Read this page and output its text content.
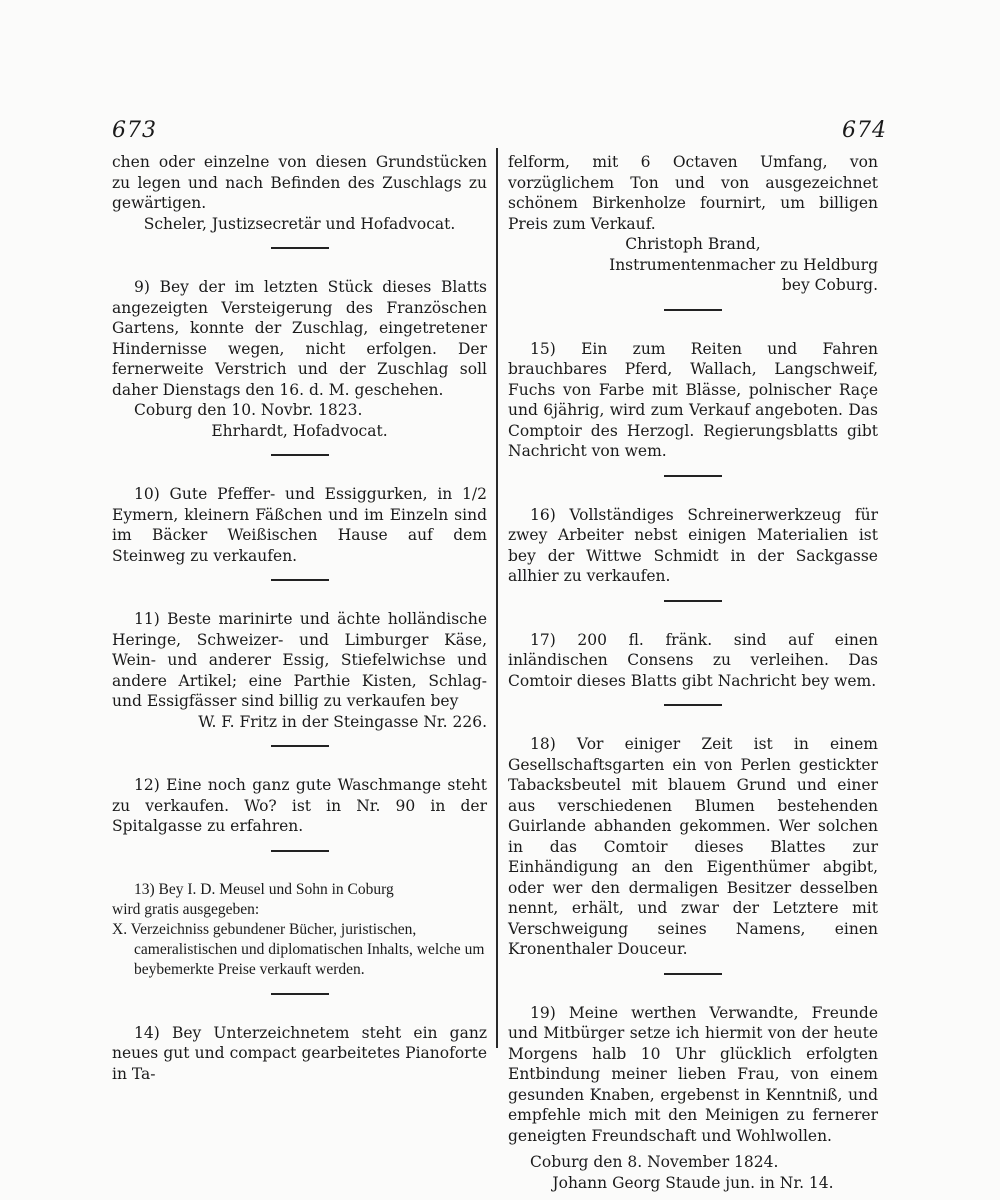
673	674

chen oder einzelne von diesen Grundstücken zu legen und nach Befinden des Zuschlags zu gewärtigen.

Scheler, Justizsecretär und Hofadvocat.

9) Bey der im letzten Stück dieses Blatts angezeigten Versteigerung des Französchen Gartens, konnte der Zuschlag, eingetretener Hindernisse wegen, nicht erfolgen. Der fernerweite Verstrich und der Zuschlag soll daher Dienstags den 16. d. M. geschehen.

Coburg den 10. Novbr. 1823.

Ehrhardt, Hofadvocat.

10) Gute Pfeffer- und Essiggurken, in 1/2 Eymern, kleinern Fäßchen und im Einzeln sind im Bäcker Weißischen Hause auf dem Steinweg zu verkaufen.

11) Beste marinirte und ächte holländische Heringe, Schweizer- und Limburger Käse, Wein- und anderer Essig, Stiefelwichse und andere Artikel; eine Parthie Kisten, Schlag- und Essigfässer sind billig zu verkaufen bey

W. F. Fritz in der Steingasse Nr. 226.

12) Eine noch ganz gute Waschmange steht zu verkaufen. Wo? ist in Nr. 90 in der Spitalgasse zu erfahren.

13) Bey I. D. Meusel und Sohn in Coburg

wird gratis ausgegeben:

X. Verzeichniss gebundener Bücher, juristischen, cameralistischen und diplomatischen Inhalts, welche um beybemerkte Preise verkauft werden.

14) Bey Unterzeichnetem steht ein ganz neues gut und compact gearbeitetes Pianoforte in Ta-

felform, mit 6 Octaven Umfang, von vorzüglichem Ton und von ausgezeichnet schönem Birkenholze fournirt, um billigen Preis zum Verkauf.

Christoph Brand,

Instrumentenmacher zu Heldburg

bey Coburg.

15) Ein zum Reiten und Fahren brauchbares Pferd, Wallach, Langschweif, Fuchs von Farbe mit Blässe, polnischer Raçe und 6jährig, wird zum Verkauf angeboten. Das Comptoir des Herzogl. Regierungsblatts gibt Nachricht von wem.

16) Vollständiges Schreinerwerkzeug für zwey Arbeiter nebst einigen Materialien ist bey der Wittwe Schmidt in der Sackgasse allhier zu verkaufen.

17) 200 fl. fränk. sind auf einen inländischen Consens zu verleihen. Das Comtoir dieses Blatts gibt Nachricht bey wem.

18) Vor einiger Zeit ist in einem Gesellschaftsgarten ein von Perlen gestickter Tabacksbeutel mit blauem Grund und einer aus verschiedenen Blumen bestehenden Guirlande abhanden gekommen. Wer solchen in das Comtoir dieses Blattes zur Einhändigung an den Eigenthümer abgibt, oder wer den dermaligen Besitzer desselben nennt, erhält, und zwar der Letztere mit Verschweigung seines Namens, einen Kronenthaler Douceur.

19) Meine werthen Verwandte, Freunde und Mitbürger setze ich hiermit von der heute Morgens halb 10 Uhr glücklich erfolgten Entbindung meiner lieben Frau, von einem gesunden Knaben, ergebenst in Kenntniß, und empfehle mich mit den Meinigen zu fernerer geneigten Freundschaft und Wohlwollen.

Coburg den 8. November 1824.

Johann Georg Staude jun. in Nr. 14.
